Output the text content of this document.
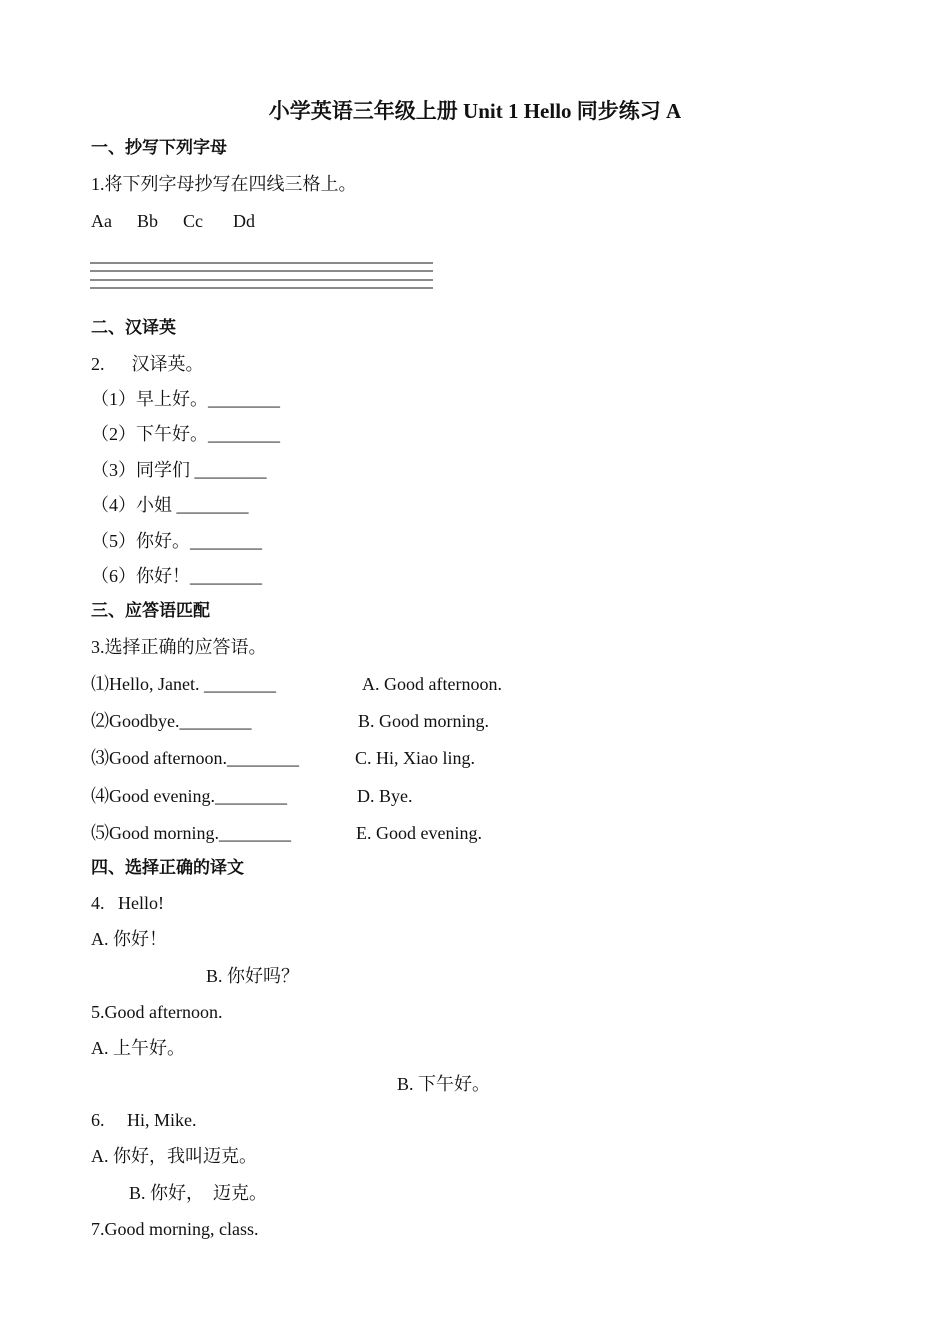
小学英语三年级上册 Unit 1 Hello 同步练习 A
一、抄写下列字母
1.将下列字母抄写在四线三格上。
Aa Bb Cc Dd
二、汉译英
2.      汉译英。
（1）早上好。________
（2）下午好。________
（3）同学们 ________
（4）小姐 ________
（5）你好。________
（6）你好！________
三、应答语匹配
3.选择正确的应答语。
⑴Hello, Janet. ________	A. Good afternoon.
⑵Goodbye.________	B. Good morning.
⑶Good afternoon.________	C. Hi, Xiao ling.
⑷Good evening.________	D. Bye.
⑸Good morning.________	E. Good evening.
四、选择正确的译文
4.   Hello!
A. 你好！
B. 你好吗？
5.Good afternoon.
A. 上午好。
B. 下午好。
6.     Hi, Mike.
A. 你好，我叫迈克。
B. 你好，  迈克。
7.Good morning, class.
